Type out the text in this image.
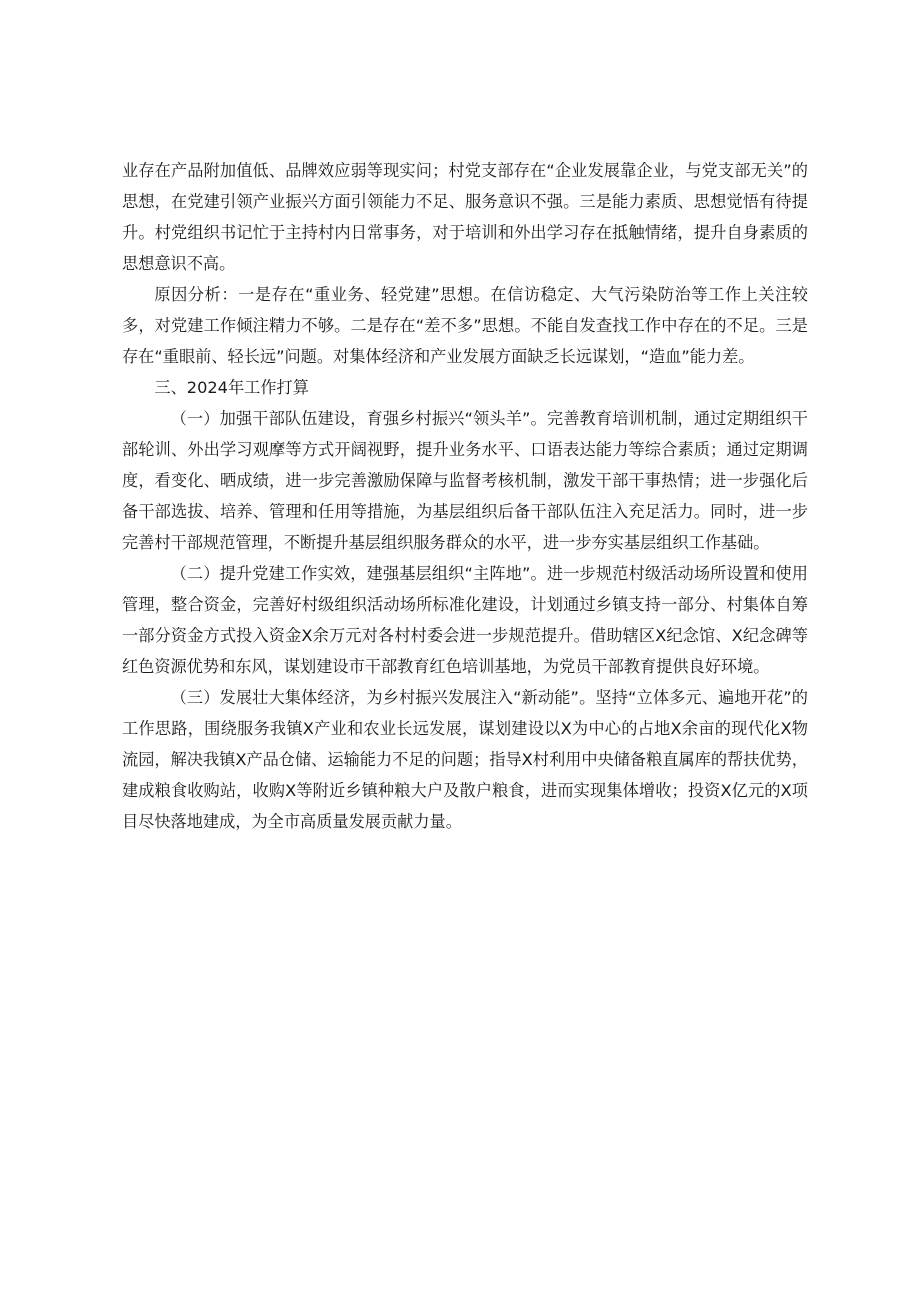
业存在产品附加值低、品牌效应弱等现实问；村党支部存在“企业发展靠企业，与党支部无关”的思想，在党建引领产业振兴方面引领能力不足、服务意识不强。三是能力素质、思想觉悟有待提升。村党组织书记忙于主持村内日常事务，对于培训和外出学习存在抵触情绪，提升自身素质的思想意识不高。

原因分析：一是存在“重业务、轻党建”思想。在信访稳定、大气污染防治等工作上关注较多，对党建工作倾注精力不够。二是存在“差不多”思想。不能自发查找工作中存在的不足。三是存在“重眼前、轻长远”问题。对集体经济和产业发展方面缺乏长远谋划，“造血”能力差。

三、2024年工作打算

（一）加强干部队伍建设，育强乡村振兴“领头羊”。完善教育培训机制，通过定期组织干部轮训、外出学习观摩等方式开阔视野，提升业务水平、口语表达能力等综合素质；通过定期调度，看变化、晒成绩，进一步完善激励保障与监督考核机制，激发干部干事热情；进一步强化后备干部选拔、培养、管理和任用等措施，为基层组织后备干部队伍注入充足活力。同时，进一步完善村干部规范管理，不断提升基层组织服务群众的水平，进一步夯实基层组织工作基础。

（二）提升党建工作实效，建强基层组织“主阵地”。进一步规范村级活动场所设置和使用管理，整合资金，完善好村级组织活动场所标准化建设，计划通过乡镇支持一部分、村集体自筹一部分资金方式投入资金X余万元对各村村委会进一步规范提升。借助辖区X纪念馆、X纪念碑等红色资源优势和东风，谋划建设市干部教育红色培训基地，为党员干部教育提供良好环境。

（三）发展壮大集体经济，为乡村振兴发展注入“新动能”。坚持“立体多元、遍地开花”的工作思路，围绕服务我镇X产业和农业长远发展，谋划建设以X为中心的占地X余亩的现代化X物流园，解决我镇X产品仓储、运输能力不足的问题；指导X村利用中央储备粮直属库的帮扶优势，建成粮食收购站，收购X等附近乡镇种粮大户及散户粮食，进而实现集体增收；投资X亿元的X项目尽快落地建成，为全市高质量发展贡献力量。
